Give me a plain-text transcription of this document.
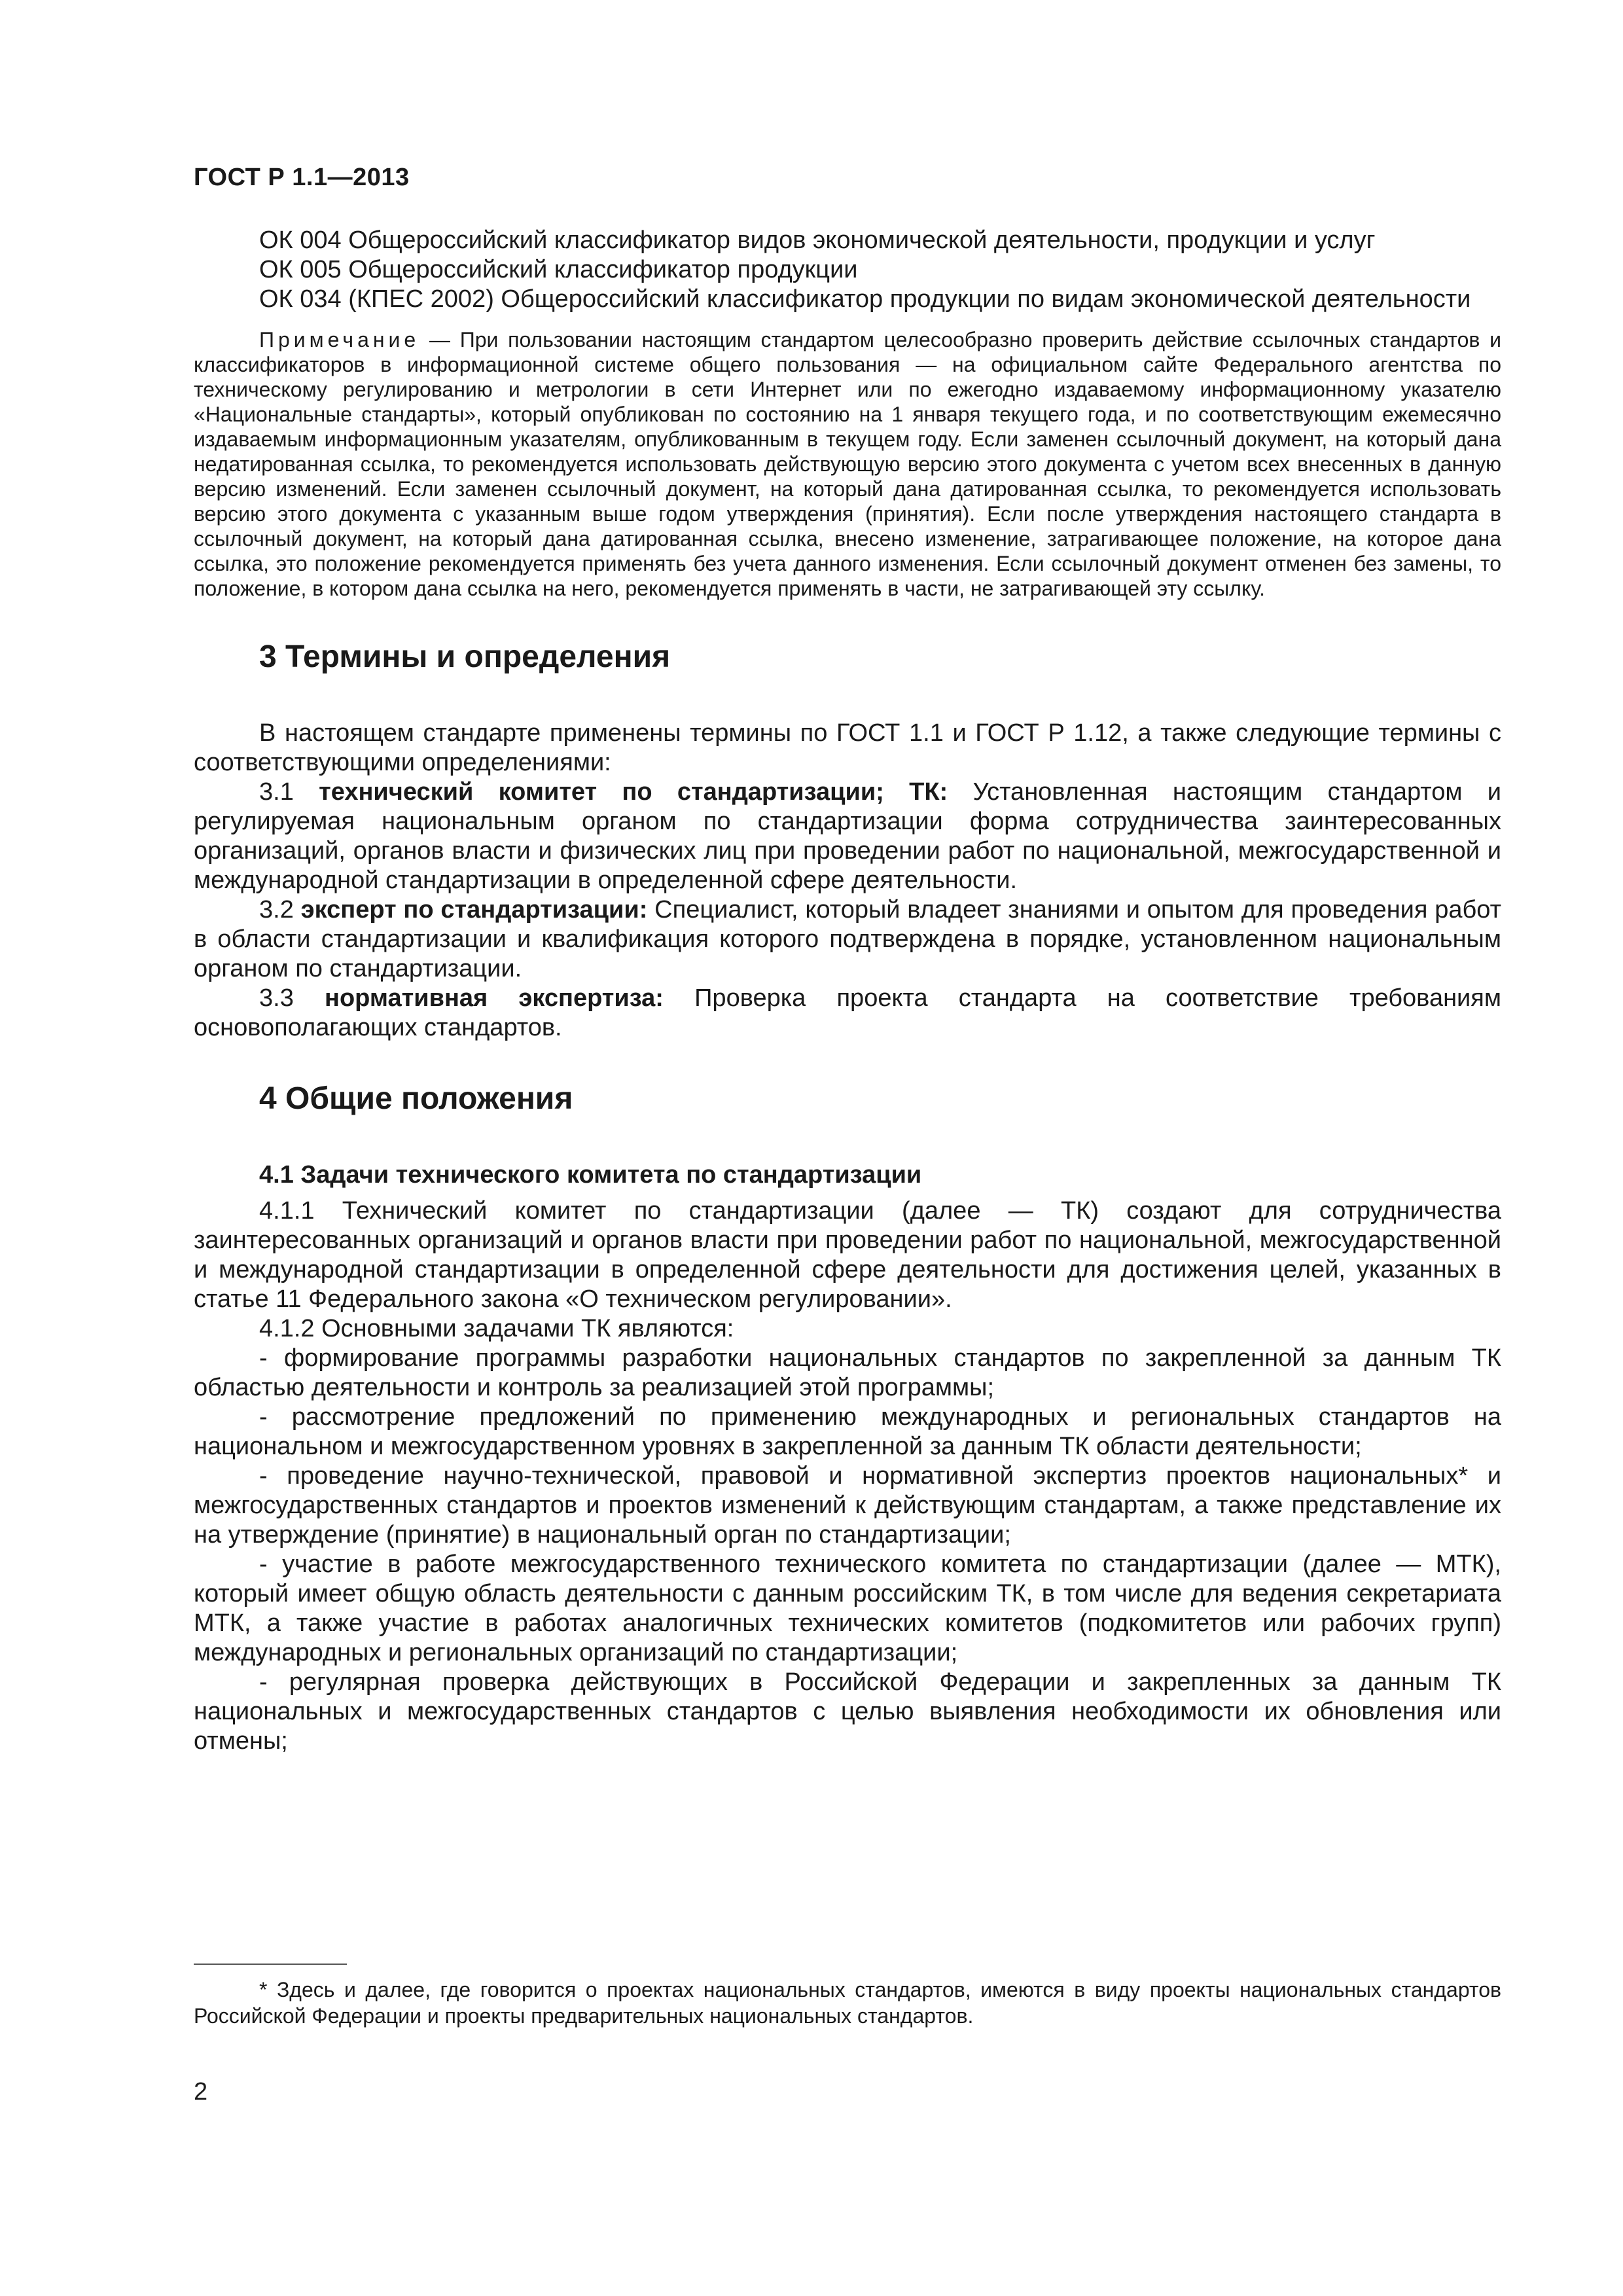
ГОСТ Р 1.1—2013

ОК 004 Общероссийский классификатор видов экономической деятельности, продукции и услуг

ОК 005 Общероссийский классификатор продукции

ОК 034 (КПЕС 2002) Общероссийский классификатор продукции по видам экономической деятельности

Примечание — При пользовании настоящим стандартом целесообразно проверить действие ссылочных стандартов и классификаторов в информационной системе общего пользования — на официальном сайте Федерального агентства по техническому регулированию и метрологии в сети Интернет или по ежегодно издаваемому информационному указателю «Национальные стандарты», который опубликован по состоянию на 1 января текущего года, и по соответствующим ежемесячно издаваемым информационным указателям, опубликованным в текущем году. Если заменен ссылочный документ, на который дана недатированная ссылка, то рекомендуется использовать действующую версию этого документа с учетом всех внесенных в данную версию изменений. Если заменен ссылочный документ, на который дана датированная ссылка, то рекомендуется использовать версию этого документа с указанным выше годом утверждения (принятия). Если после утверждения настоящего стандарта в ссылочный документ, на который дана датированная ссылка, внесено изменение, затрагивающее положение, на которое дана ссылка, это положение рекомендуется применять без учета данного изменения. Если ссылочный документ отменен без замены, то положение, в котором дана ссылка на него, рекомендуется применять в части, не затрагивающей эту ссылку.

3 Термины и определения

В настоящем стандарте применены термины по ГОСТ 1.1 и ГОСТ Р 1.12, а также следующие термины с соответствующими определениями:

3.1 технический комитет по стандартизации; ТК: Установленная настоящим стандартом и регулируемая национальным органом по стандартизации форма сотрудничества заинтересованных организаций, органов власти и физических лиц при проведении работ по национальной, межгосударственной и международной стандартизации в определенной сфере деятельности.

3.2 эксперт по стандартизации: Специалист, который владеет знаниями и опытом для проведения работ в области стандартизации и квалификация которого подтверждена в порядке, установленном национальным органом по стандартизации.

3.3 нормативная экспертиза: Проверка проекта стандарта на соответствие требованиям основополагающих стандартов.

4 Общие положения
4.1 Задачи технического комитета по стандартизации

4.1.1 Технический комитет по стандартизации (далее — ТК) создают для сотрудничества заинтересованных организаций и органов власти при проведении работ по национальной, межгосударственной и международной стандартизации в определенной сфере деятельности для достижения целей, указанных в статье 11 Федерального закона «О техническом регулировании».

4.1.2 Основными задачами ТК являются:

- формирование программы разработки национальных стандартов по закрепленной за данным ТК областью деятельности и контроль за реализацией этой программы;

- рассмотрение предложений по применению международных и региональных стандартов на национальном и межгосударственном уровнях в закрепленной за данным ТК области деятельности;

- проведение научно-технической, правовой и нормативной экспертиз проектов национальных* и межгосударственных стандартов и проектов изменений к действующим стандартам, а также представление их на утверждение (принятие) в национальный орган по стандартизации;

- участие в работе межгосударственного технического комитета по стандартизации (далее — МТК), который имеет общую область деятельности с данным российским ТК, в том числе для ведения секретариата МТК, а также участие в работах аналогичных технических комитетов (подкомитетов или рабочих групп) международных и региональных организаций по стандартизации;

- регулярная проверка действующих в Российской Федерации и закрепленных за данным ТК национальных и межгосударственных стандартов с целью выявления необходимости их обновления или отмены;

* Здесь и далее, где говорится о проектах национальных стандартов, имеются в виду проекты национальных стандартов Российской Федерации и проекты предварительных национальных стандартов.

2
